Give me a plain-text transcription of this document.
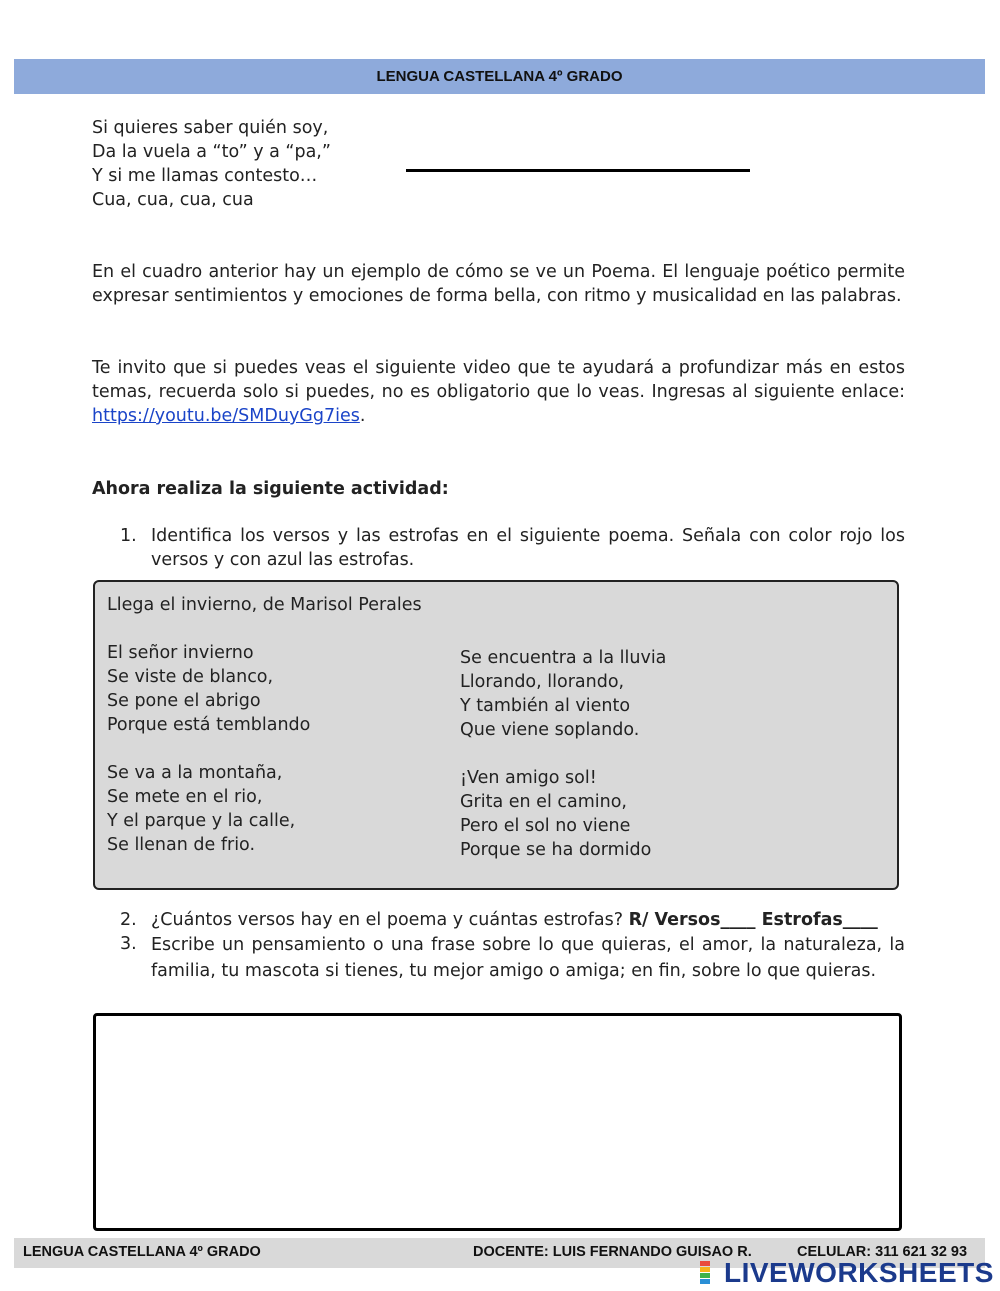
LENGUA CASTELLANA 4º GRADO
Si quieres saber quién soy,
Da la vuela a “to” y a “pa,”
Y si me llamas contesto…
Cua, cua, cua, cua
En el cuadro anterior hay un ejemplo de cómo se ve un Poema. El lenguaje poético permite expresar sentimientos y emociones de forma bella, con ritmo y musicalidad en las palabras.
Te invito que si puedes veas el siguiente video que te ayudará a profundizar más en estos temas, recuerda solo si puedes, no es obligatorio que lo veas. Ingresas al siguiente enlace: https://youtu.be/SMDuyGg7ies.
Ahora realiza la siguiente actividad:
1. Identifica los versos y las estrofas en el siguiente poema. Señala con color rojo los versos y con azul las estrofas.
Llega el invierno, de Marisol Perales
El señor invierno
Se viste de blanco,
Se pone el abrigo
Porque está temblando
Se va a la montaña,
Se mete en el rio,
Y el parque y la calle,
Se llenan de frio.
Se encuentra a la lluvia
Llorando, llorando,
Y también al viento
Que viene soplando.
¡Ven amigo sol!
Grita en el camino,
Pero el sol no viene
Porque se ha dormido
2. ¿Cuántos versos hay en el poema y cuántas estrofas? R/ Versos____ Estrofas____
3. Escribe un pensamiento o una frase sobre lo que quieras, el amor, la naturaleza, la familia, tu mascota si tienes, tu mejor amigo o amiga; en fin, sobre lo que quieras.
LENGUA CASTELLANA 4º GRADO	DOCENTE: LUIS FERNANDO GUISAO R.	CELULAR: 311 621 32 93
LIVEWORKSHEETS
